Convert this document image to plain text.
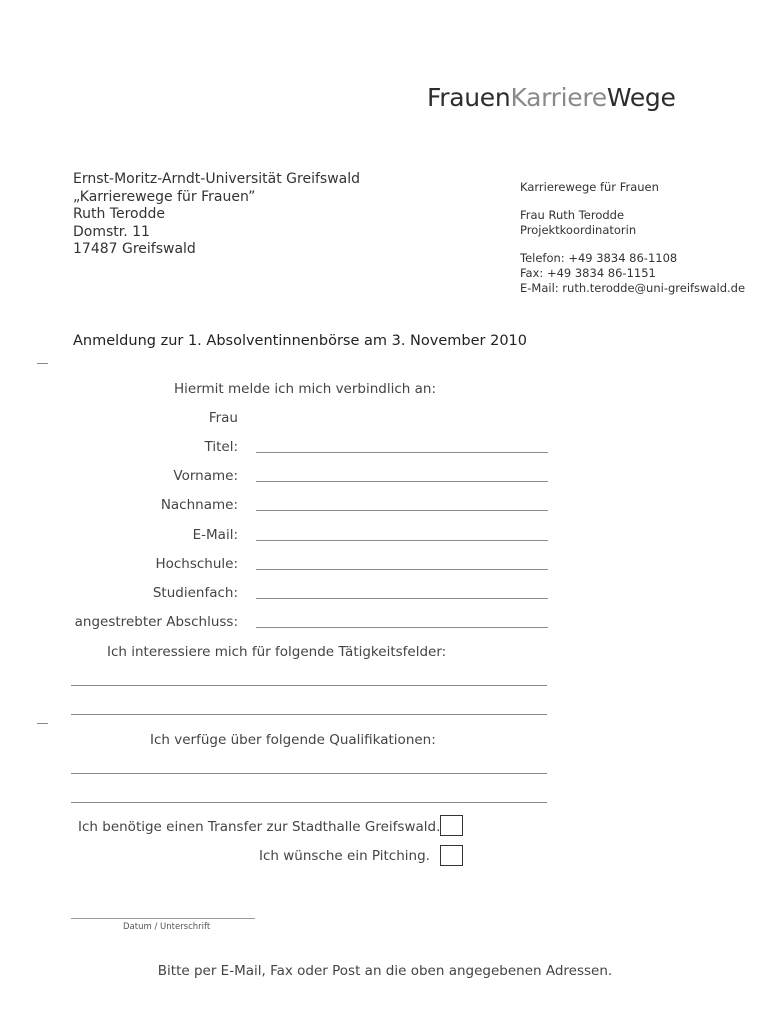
FrauenKarriereWege
Ernst-Moritz-Arndt-Universität Greifswald
„Karrierewege für Frauen”
Ruth Terodde
Domstr. 11
17487 Greifswald
Karrierewege für Frauen
Frau Ruth Terodde
Projektkoordinatorin
Telefon: +49 3834 86-1108
Fax: +49 3834 86-1151
E-Mail: ruth.terodde@uni-greifswald.de
Anmeldung zur 1. Absolventinnenbörse am 3. November 2010
Hiermit melde ich mich verbindlich an:
Frau
Titel:
Vorname:
Nachname:
E-Mail:
Hochschule:
Studienfach:
angestrebter Abschluss:
Ich interessiere mich für folgende Tätigkeitsfelder:
Ich verfüge über folgende Qualifikationen:
Ich benötige einen Transfer zur Stadthalle Greifswald.
Ich wünsche ein Pitching.
Datum / Unterschrift
Bitte per E-Mail, Fax oder Post an die oben angegebenen Adressen.
